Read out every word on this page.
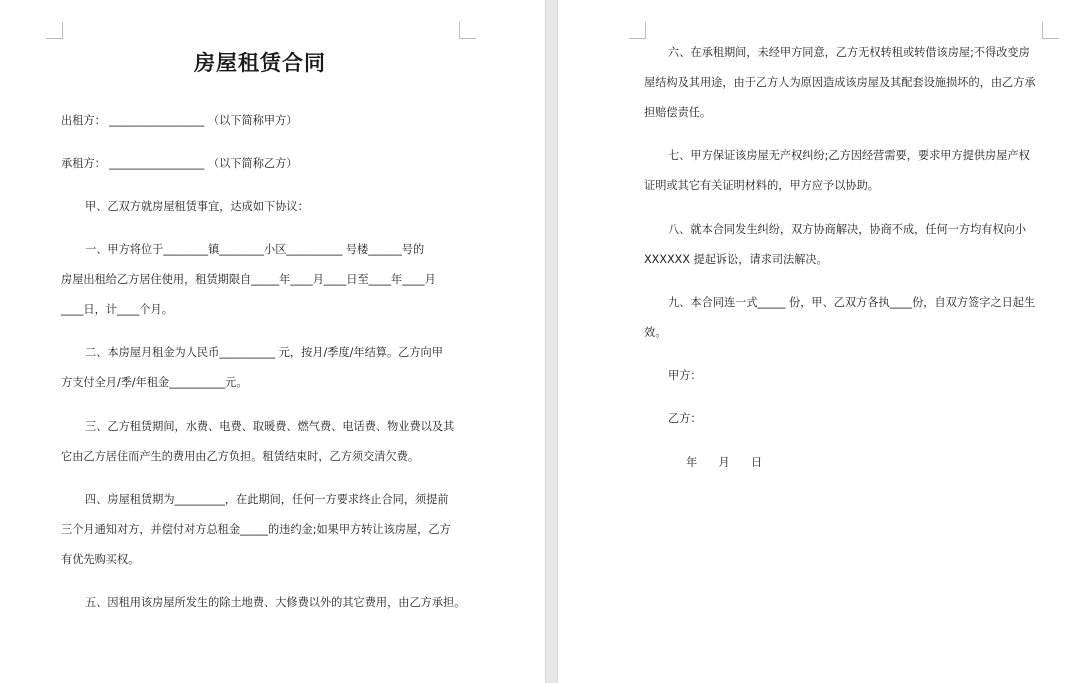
房屋租赁合同
出租方： _________________ （以下简称甲方）
承租方： _________________ （以下简称乙方）
甲、乙双方就房屋租赁事宜，达成如下协议：
一、甲方将位于________镇________小区__________ 号楼______号的
房屋出租给乙方居住使用，租赁期限自_____年____月____日至____年____月
____日，计____个月。
二、本房屋月租金为人民币__________ 元，按月/季度/年结算。乙方向甲
方支付全月/季/年租金__________元。
三、乙方租赁期间，水费、电费、取暖费、燃气费、电话费、物业费以及其
它由乙方居住而产生的费用由乙方负担。租赁结束时，乙方须交清欠费。
四、房屋租赁期为_________，在此期间，任何一方要求终止合同，须提前
三个月通知对方，并偿付对方总租金_____的违约金;如果甲方转让该房屋，乙方
有优先购买权。
五、因租用该房屋所发生的除土地费、大修费以外的其它费用，由乙方承担。
六、在承租期间，未经甲方同意，乙方无权转租或转借该房屋;不得改变房
屋结构及其用途，由于乙方人为原因造成该房屋及其配套设施损坏的，由乙方承
担赔偿责任。
七、甲方保证该房屋无产权纠纷;乙方因经营需要，要求甲方提供房屋产权
证明或其它有关证明材料的，甲方应予以协助。
八、就本合同发生纠纷，双方协商解决，协商不成，任何一方均有权向小
XXXXXX 提起诉讼，请求司法解决。
九、本合同连一式_____ 份，甲、乙双方各执____份，自双方签字之日起生
效。
甲方：
乙方：
年      月      日
